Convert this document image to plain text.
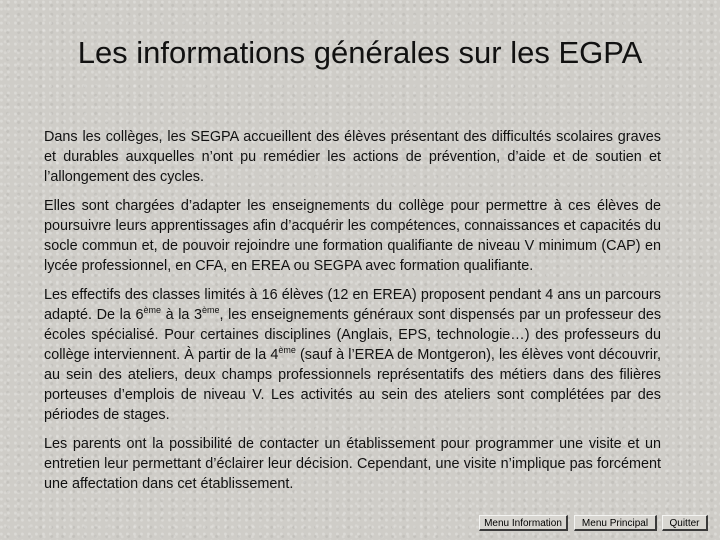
Les informations générales sur les EGPA

Dans les collèges, les SEGPA accueillent des élèves présentant des difficultés scolaires graves et durables auxquelles n’ont pu remédier les actions de prévention, d’aide et de soutien et l’allongement des cycles.

Elles sont chargées d’adapter les enseignements du collège pour permettre à ces élèves de poursuivre leurs apprentissages afin d’acquérir les compétences, connaissances et capacités du socle commun et, de pouvoir rejoindre une formation qualifiante de niveau V minimum (CAP) en lycée professionnel, en CFA, en EREA ou SEGPA avec formation qualifiante.

Les effectifs des classes limités à 16 élèves (12 en EREA) proposent pendant 4 ans un parcours adapté. De la 6ème à la 3ème, les enseignements généraux sont dispensés par un professeur des écoles spécialisé. Pour certaines disciplines (Anglais, EPS, technologie…) des professeurs du collège interviennent. À partir de la 4ème (sauf à l’EREA de Montgeron), les élèves vont découvrir, au sein des ateliers, deux champs professionnels représentatifs des métiers dans des filières porteuses d’emplois de niveau V. Les activités au sein des ateliers sont complétées par des périodes de stages.

Les parents ont la possibilité de contacter un établissement pour programmer une visite et un entretien leur permettant d’éclairer leur décision. Cependant, une visite n’implique pas forcément une affectation dans cet établissement.

Menu Information	Menu Principal	Quitter
